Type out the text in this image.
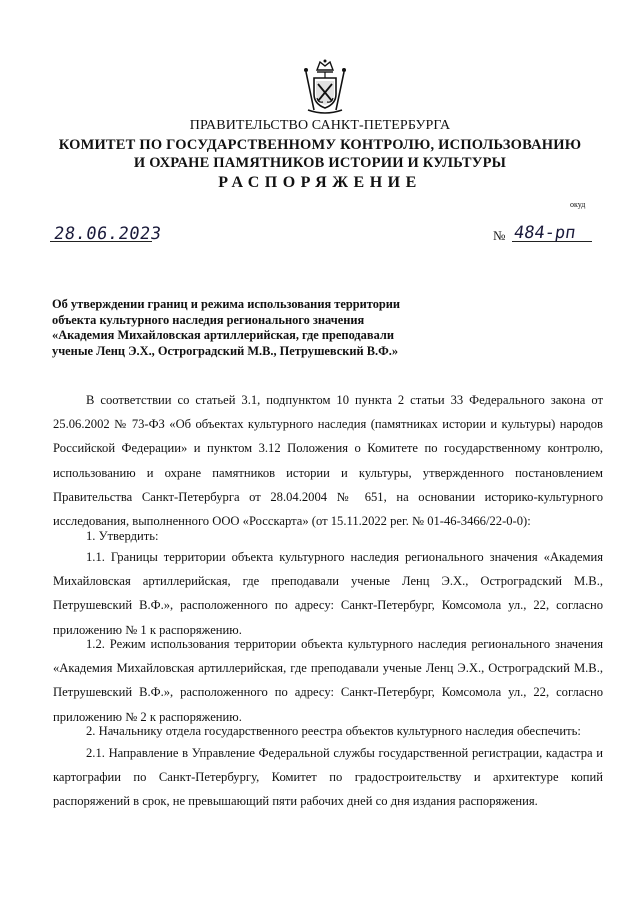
ПРАВИТЕЛЬСТВО САНКТ-ПЕТЕРБУРГА
КОМИТЕТ ПО ГОСУДАРСТВЕННОМУ КОНТРОЛЮ, ИСПОЛЬЗОВАНИЮ
И ОХРАНЕ ПАМЯТНИКОВ ИСТОРИИ И КУЛЬТУРЫ
РАСПОРЯЖЕНИЕ
окуд
28.06.2023	№ 484-рп
Об утверждении границ и режима использования территории
объекта культурного наследия регионального значения
«Академия Михайловская артиллерийская, где преподавали
ученые Ленц Э.Х., Остроградский М.В., Петрушевский В.Ф.»
В соответствии со статьей 3.1, подпунктом 10 пункта 2 статьи 33 Федерального закона от 25.06.2002 № 73-ФЗ «Об объектах культурного наследия (памятниках истории и культуры) народов Российской Федерации» и пунктом 3.12 Положения о Комитете по государственному контролю, использованию и охране памятников истории и культуры, утвержденного постановлением Правительства Санкт-Петербурга от 28.04.2004 № 651, на основании историко-культурного исследования, выполненного ООО «Росскарта» (от 15.11.2022 рег. № 01-46-3466/22-0-0):
1. Утвердить:
1.1. Границы территории объекта культурного наследия регионального значения «Академия Михайловская артиллерийская, где преподавали ученые Ленц Э.Х., Остроградский М.В., Петрушевский В.Ф.», расположенного по адресу: Санкт-Петербург, Комсомола ул., 22, согласно приложению № 1 к распоряжению.
1.2. Режим использования территории объекта культурного наследия регионального значения «Академия Михайловская артиллерийская, где преподавали ученые Ленц Э.Х., Остроградский М.В., Петрушевский В.Ф.», расположенного по адресу: Санкт-Петербург, Комсомола ул., 22, согласно приложению № 2 к распоряжению.
2. Начальнику отдела государственного реестра объектов культурного наследия обеспечить:
2.1. Направление в Управление Федеральной службы государственной регистрации, кадастра и картографии по Санкт-Петербургу, Комитет по градостроительству и архитектуре копий распоряжений в срок, не превышающий пяти рабочих дней со дня издания распоряжения.
